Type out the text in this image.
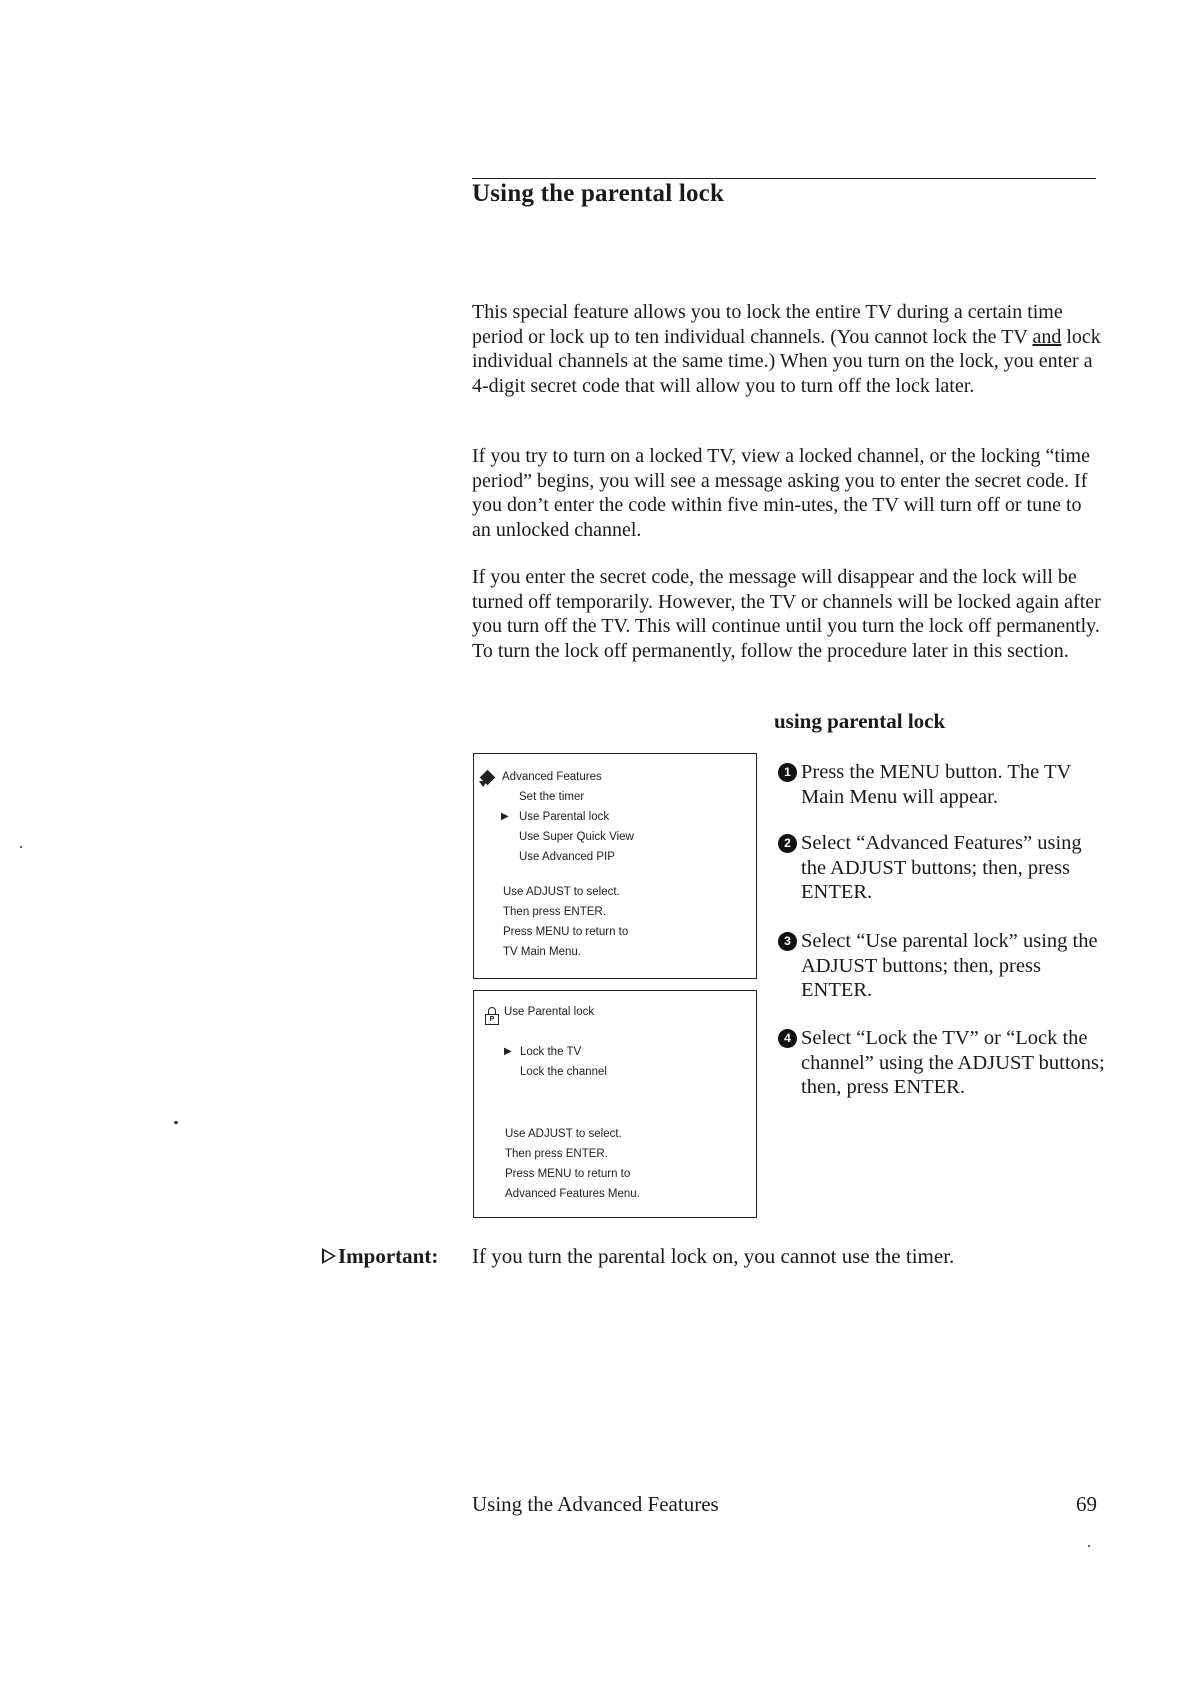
Using the parental lock
This special feature allows you to lock the entire TV during a certain time period or lock up to ten individual channels. (You cannot lock the TV and lock individual channels at the same time.) When you turn on the lock, you enter a 4-digit secret code that will allow you to turn off the lock later.
If you try to turn on a locked TV, view a locked channel, or the locking “time period” begins, you will see a message asking you to enter the secret code. If you don’t enter the code within five min-utes, the TV will turn off or tune to an unlocked channel.
If you enter the secret code, the message will disappear and the lock will be turned off temporarily. However, the TV or channels will be locked again after you turn off the TV. This will continue until you turn the lock off permanently. To turn the lock off permanently, follow the procedure later in this section.
using parental lock
Advanced Features
Set the timer
▶ Use Parental lock
Use Super Quick View
Use Advanced PIP
Use ADJUST to select.
Then press ENTER.
Press MENU to return to
TV Main Menu.
P
Use Parental lock
▶ Lock the TV
Lock the channel
Use ADJUST to select.
Then press ENTER.
Press MENU to return to
Advanced Features Menu.
1 Press the MENU button. The TV Main Menu will appear.
2 Select “Advanced Features” using the ADJUST buttons; then, press ENTER.
3 Select “Use parental lock” using the ADJUST buttons; then, press ENTER.
4 Select “Lock the TV” or “Lock the channel” using the ADJUST buttons; then, press ENTER.
Important: If you turn the parental lock on, you cannot use the timer.
Using the Advanced Features	69
